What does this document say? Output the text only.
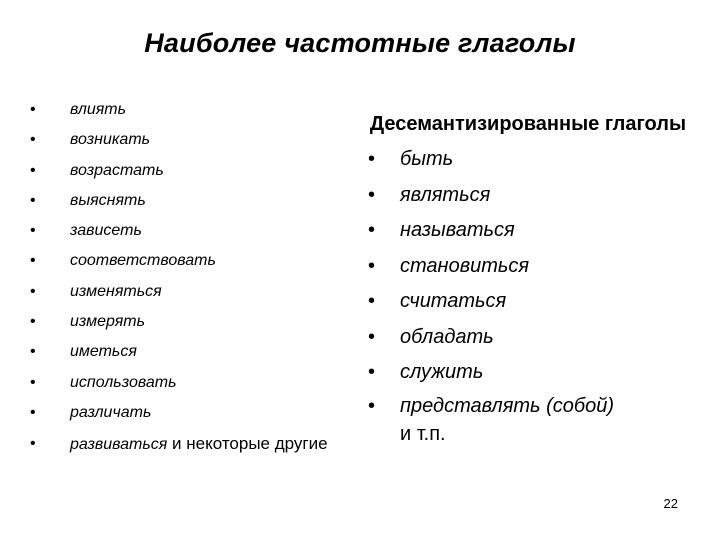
Наиболее частотные глаголы
• влиять
• возникать
• возрастать
• выяснять
• зависеть
• соответствовать
• изменяться
• измерять
• иметься
• использовать
• различать
• развиваться и некоторые другие
Десемантизированные глаголы
• быть
• являться
• называться
• становиться
• считаться
• обладать
• служить
• представлять (собой)
и т.п.
22
